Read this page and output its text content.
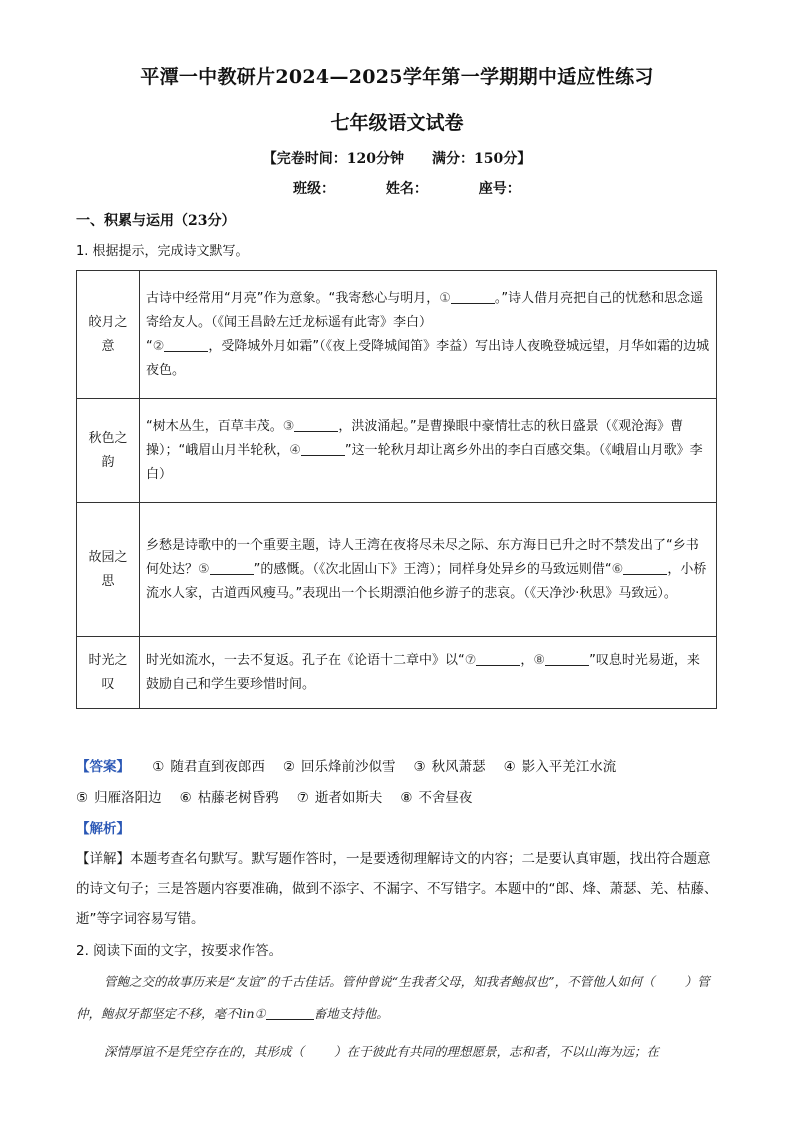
平潭一中教研片2024—2025学年第一学期期中适应性练习
七年级语文试卷
【完卷时间：120分钟　　满分：150分】
班级：	姓名：	座号：
一、积累与运用（23分）
1. 根据提示，完成诗文默写。
皎月之意	古诗中经常用“月亮”作为意象。“我寄愁心与明月，① 。”诗人借月亮把自己的忧愁和思念遥寄给友人。（《闻王昌龄左迁龙标遥有此寄》李白）
“② ，受降城外月如霜”（《夜上受降城闻笛》李益）写出诗人夜晚登城远望，月华如霜的边城夜色。

秋色之韵	“树木丛生，百草丰茂。③ ，洪波涌起。”是曹操眼中豪情壮志的秋日盛景（《观沧海》曹操）；“峨眉山月半轮秋，④ ”这一轮秋月却让离乡外出的李白百感交集。（《峨眉山月歌》李白）

故园之思	乡愁是诗歌中的一个重要主题，诗人王湾在夜将尽未尽之际、东方海日已升之时不禁发出了“乡书何处达？⑤ ”的感慨。（《次北固山下》王湾）；同样身处异乡的马致远则借“⑥ ，小桥流水人家，古道西风瘦马。”表现出一个长期漂泊他乡游子的悲哀。（《天净沙·秋思》马致远）。

时光之叹	时光如流水，一去不复返。孔子在《论语十二章中》以“⑦ ，⑧ ”叹息时光易逝，来鼓励自己和学生要珍惜时间。
【答案】 ① 随君直到夜郎西 ② 回乐烽前沙似雪 ③ 秋风萧瑟 ④ 影入平羌江水流⑤ 归雁洛阳边 ⑥ 枯藤老树昏鸦 ⑦ 逝者如斯夫 ⑧ 不舍昼夜
【解析】
【详解】本题考查名句默写。默写题作答时，一是要透彻理解诗文的内容；二是要认真审题，找出符合题意的诗文句子；三是答题内容要准确，做到不添字、不漏字、不写错字。本题中的“郎、烽、萧瑟、羌、枯藤、逝”等字词容易写错。
2. 阅读下面的文字，按要求作答。
管鲍之交的故事历来是“友谊”的千古佳话。管仲曾说“生我者父母，知我者鲍叔也”，不管他人如何（ ）管仲，鲍叔牙都坚定不移，毫不lin①	畜地支持他。
深情厚谊不是凭空存在的，其形成（ ）在于彼此有共同的理想愿景，志和者，不以山海为远；在
